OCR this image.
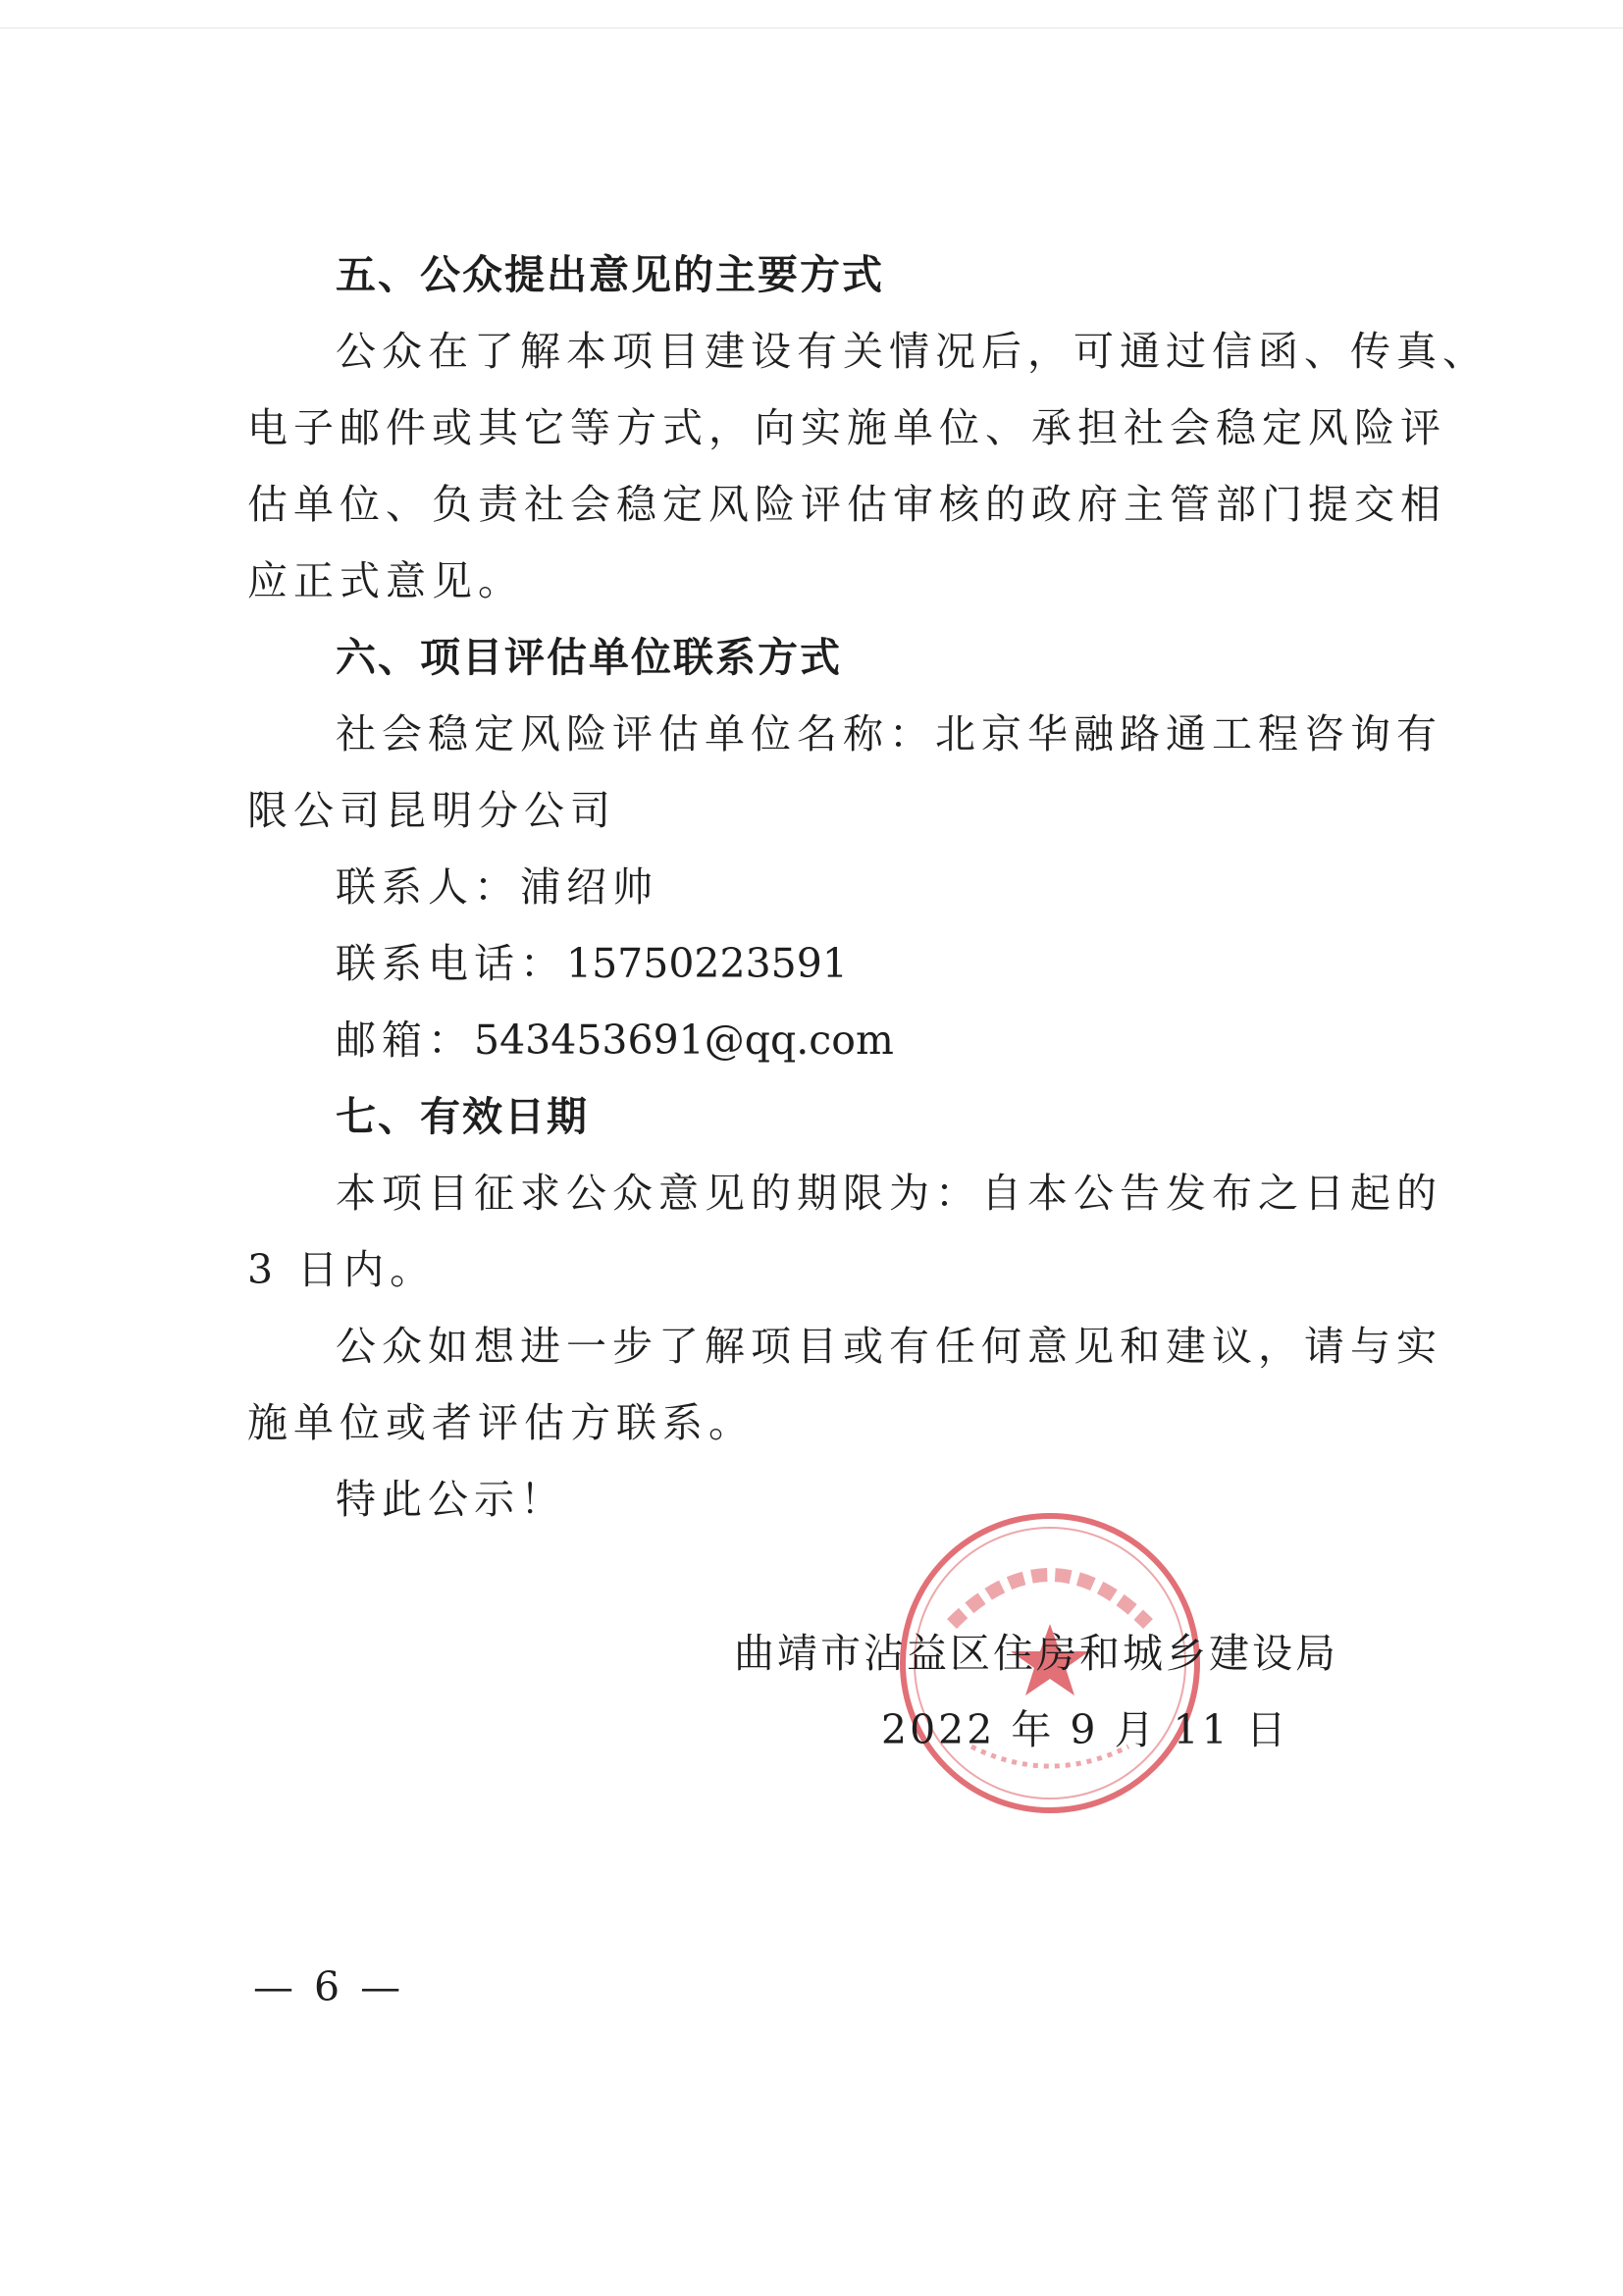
五、公众提出意见的主要方式
公众在了解本项目建设有关情况后，可通过信函、传真、
电子邮件或其它等方式，向实施单位、承担社会稳定风险评
估单位、负责社会稳定风险评估审核的政府主管部门提交相
应正式意见。
六、项目评估单位联系方式
社会稳定风险评估单位名称：北京华融路通工程咨询有
限公司昆明分公司
联系人：浦绍帅
联系电话：15750223591
邮箱：543453691@qq.com
七、有效日期
本项目征求公众意见的期限为：自本公告发布之日起的
3 日内。
公众如想进一步了解项目或有任何意见和建议，请与实
施单位或者评估方联系。
特此公示！
曲靖市沾益区住房和城乡建设局
2022 年 9 月 11 日
— 6 —
